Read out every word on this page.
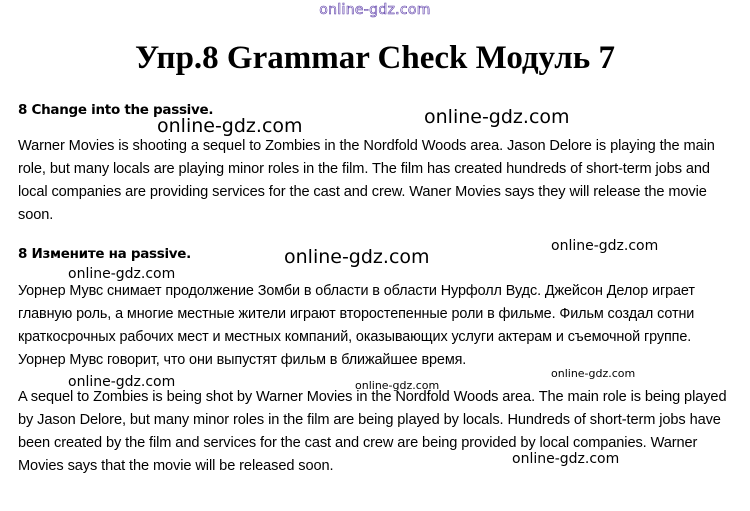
online-gdz.com
Упр.8 Grammar Check Модуль 7
8 Change into the passive.

Warner Movies is shooting a sequel to Zombies in the Nordfold Woods area. Jason Delore is playing the main role, but many locals are playing minor roles in the film. The film has created hundreds of short-term jobs and local companies are providing services for the cast and crew. Waner Movies says they will release the movie soon.

8 Измените на passive.

Уорнер Мувс снимает продолжение Зомби в области в области Нурфолл Вудс. Джейсон Делор играет главную роль, а многие местные жители играют второстепенные роли в фильме. Фильм создал сотни краткосрочных рабочих мест и местных компаний, оказывающих услуги актерам и съемочной группе. Уорнер Мувс говорит, что они выпустят фильм в ближайшее время.

A sequel to Zombies is being shot by Warner Movies in the Nordfold Woods area. The main role is being played by Jason Delore, but many minor roles in the film are being played by locals. Hundreds of short-term jobs have been created by the film and services for the cast and crew are being provided by local companies. Warner Movies says that the movie will be released soon.

online-gdz.com	online-gdz.com
online-gdz.com
online-gdz.com
online-gdz.com
online-gdz.com
online-gdz.com	online-gdz.com
online-gdz.com
